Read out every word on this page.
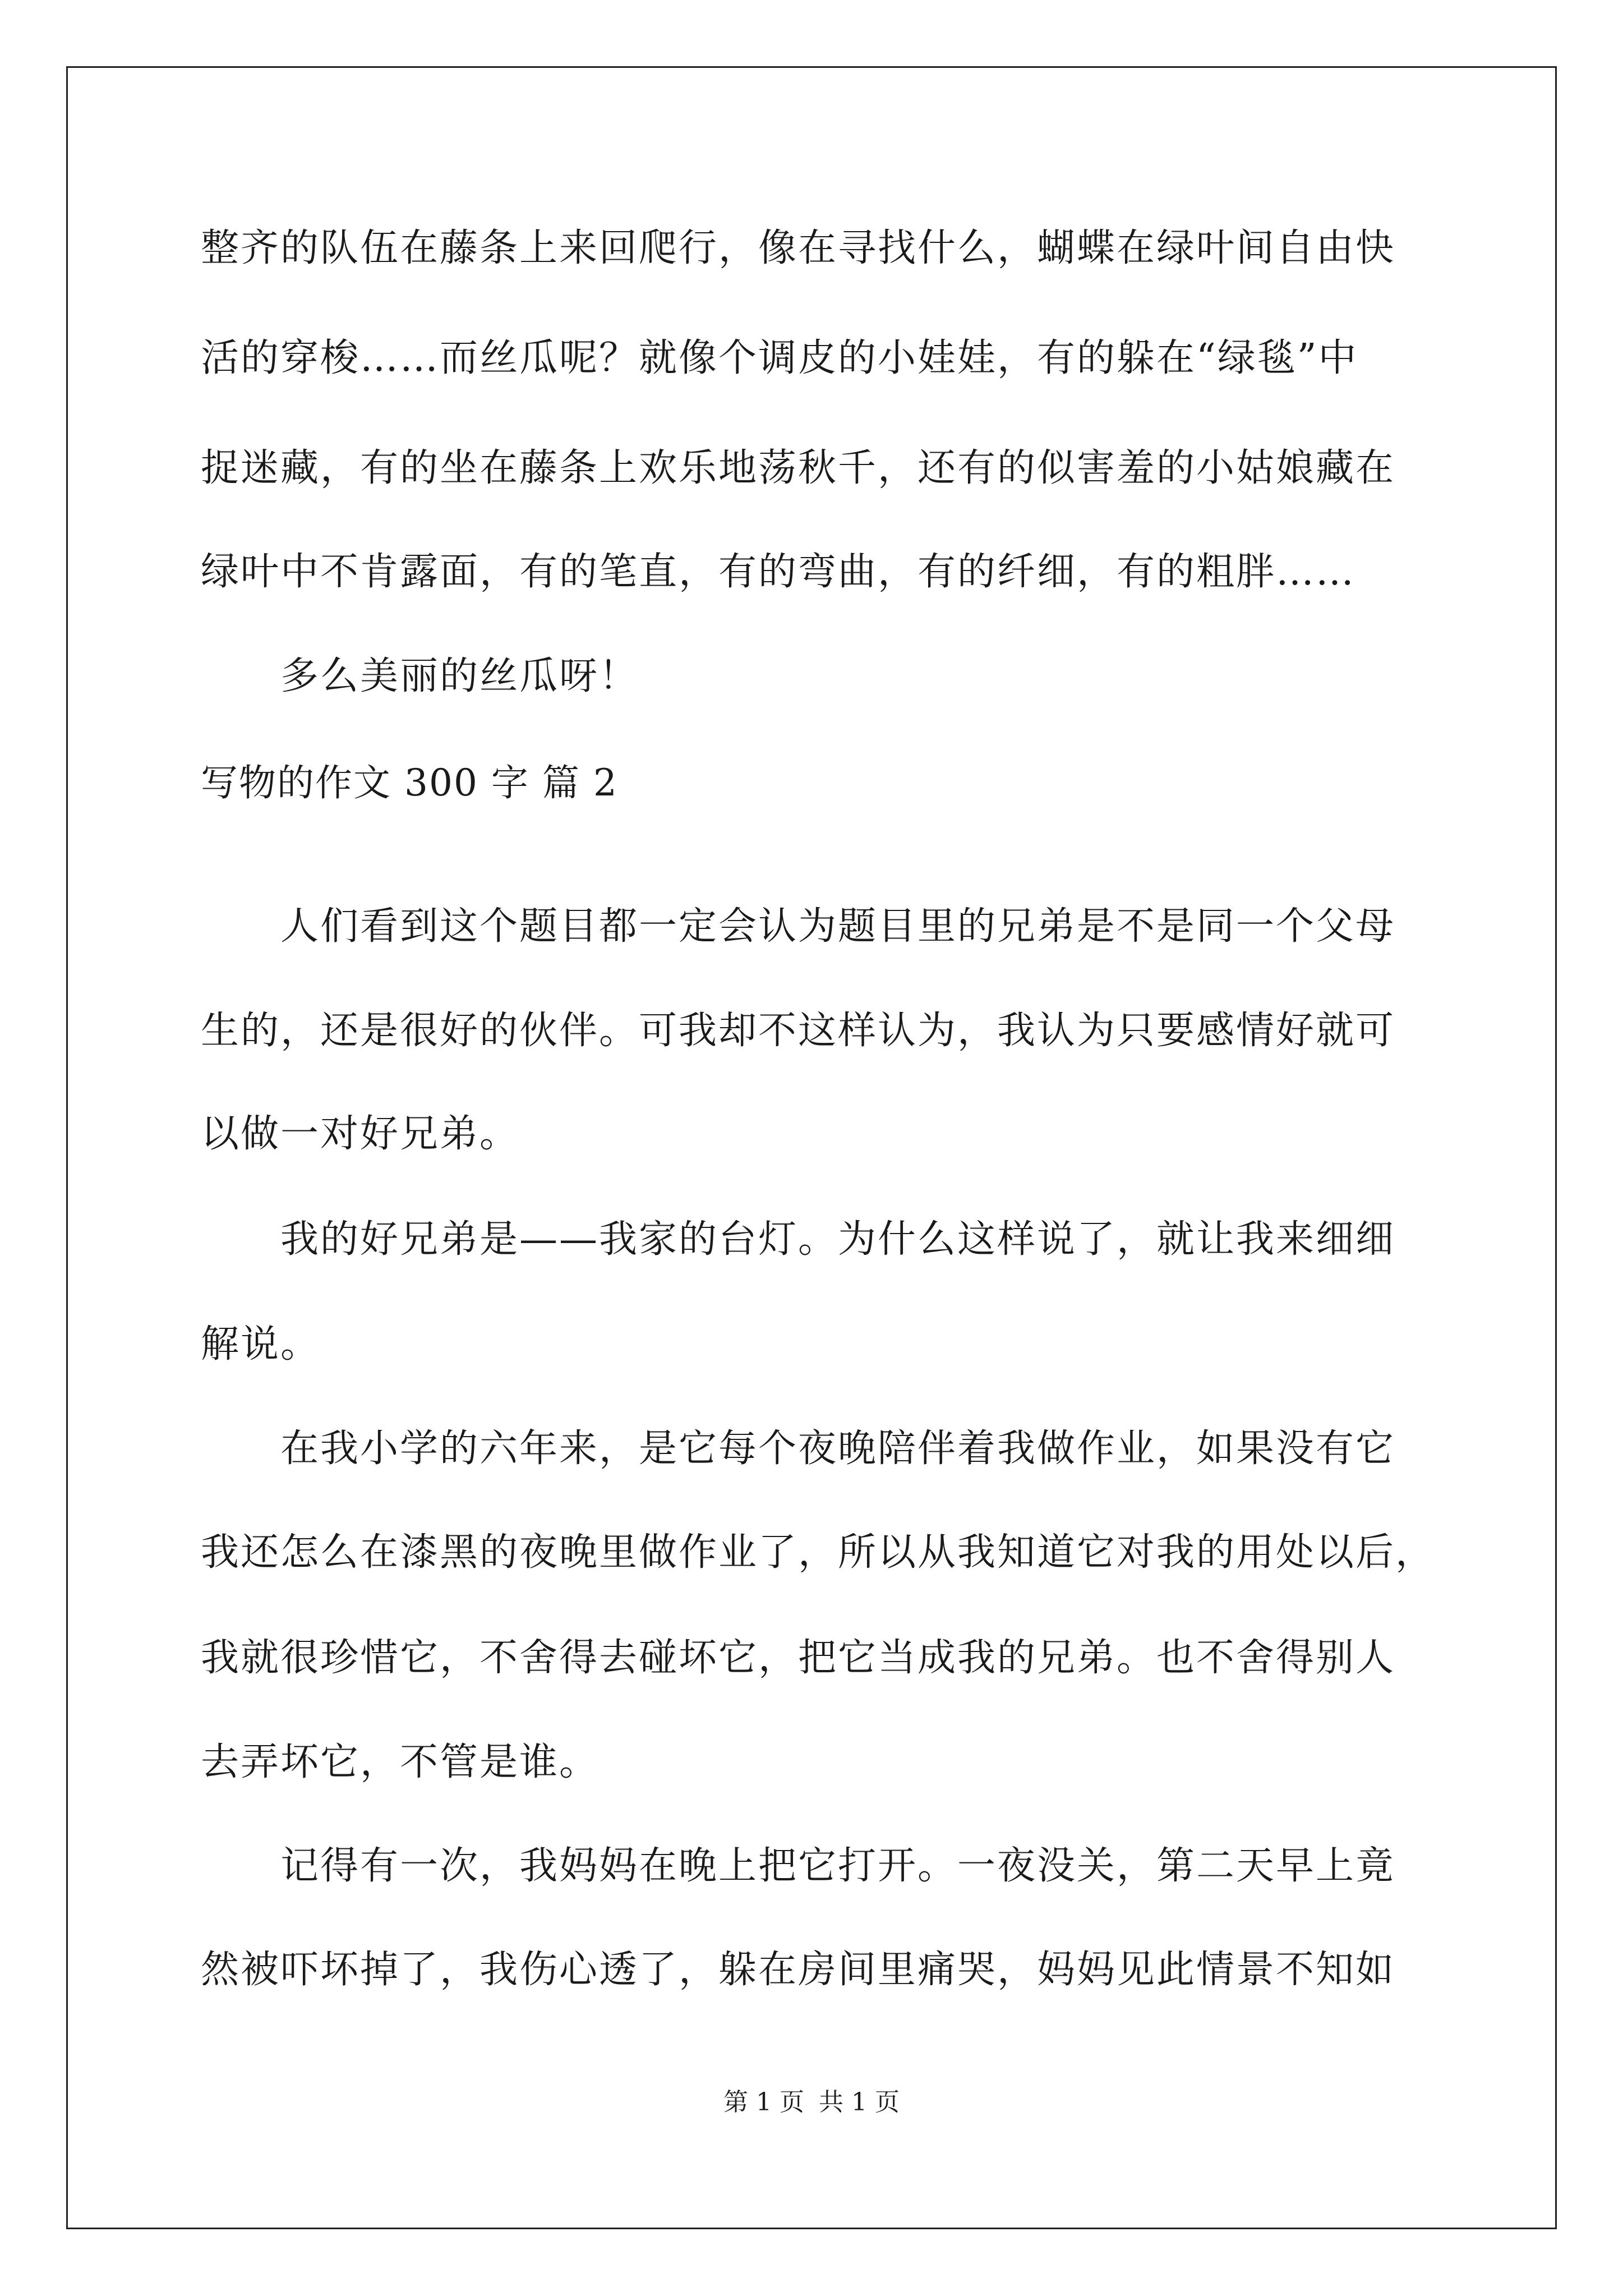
整齐的队伍在藤条上来回爬行，像在寻找什么，蝴蝶在绿叶间自由快
活的穿梭……而丝瓜呢？就像个调皮的小娃娃，有的躲在“绿毯”中
捉迷藏，有的坐在藤条上欢乐地荡秋千，还有的似害羞的小姑娘藏在
绿叶中不肯露面，有的笔直，有的弯曲，有的纤细，有的粗胖……
多么美丽的丝瓜呀！
写物的作文 300 字 篇 2
人们看到这个题目都一定会认为题目里的兄弟是不是同一个父母
生的，还是很好的伙伴。可我却不这样认为，我认为只要感情好就可
以做一对好兄弟。
我的好兄弟是——我家的台灯。为什么这样说了，就让我来细细
解说。
在我小学的六年来，是它每个夜晚陪伴着我做作业，如果没有它
我还怎么在漆黑的夜晚里做作业了，所以从我知道它对我的用处以后，
我就很珍惜它，不舍得去碰坏它，把它当成我的兄弟。也不舍得别人
去弄坏它，不管是谁。
记得有一次，我妈妈在晚上把它打开。一夜没关，第二天早上竟
然被吓坏掉了，我伤心透了，躲在房间里痛哭，妈妈见此情景不知如
第 1 页 共 1 页
